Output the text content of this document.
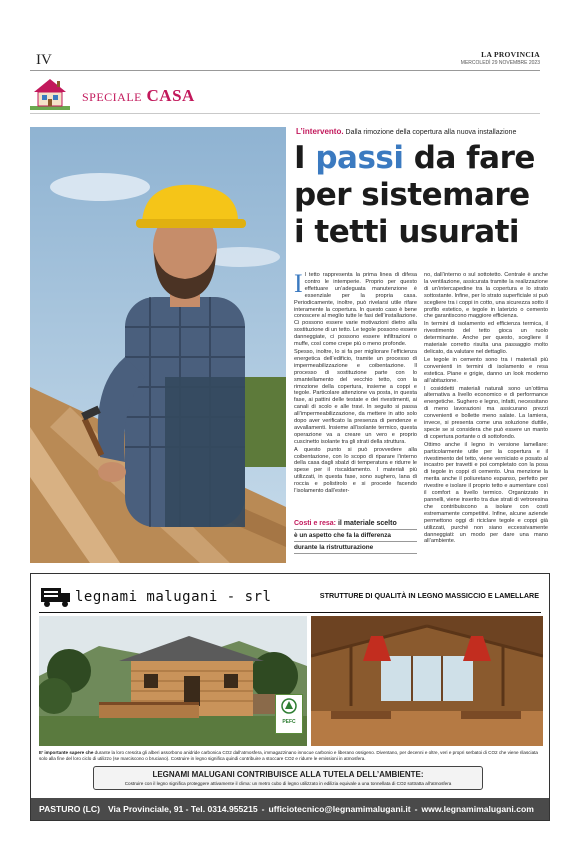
IV	LA PROVINCIA
MERCOLEDÌ 29 NOVEMBRE 2023
SPECIALE CASA
L’intervento. Dalla rimozione della copertura alla nuova installazione
I passi da fare per sistemare i tetti usurati

Il tetto rappresenta la prima linea di difesa contro le intemperie. Proprio per questo effettuare un’adeguata manutenzione è essenziale per la propria casa. Periodicamente, inoltre, può rivelarsi utile rifare interamente la copertura. In questo caso è bene conoscere al meglio tutte le fasi dell’installazione. Ci possono essere varie motivazioni dietro alla sostituzione di un tetto. Le tegole possono essere danneggiate, ci possono essere infiltrazioni o muffe, così come crepe più o meno profonde.

Spesso, inoltre, lo si fa per migliorare l’efficienza energetica dell’edificio, tramite un processo di impermeabilizzazione e coibentazione. Il processo di sostituzione parte con lo smantellamento del vecchio tetto, con la rimozione della copertura, insieme a coppi e tegole. Particolare attenzione va posta, in questa fase, ai pattini delle testate e dei rivestimenti, ai canali di scolo e alle travi. In seguito si passa all’impermeabilizzazione, da mettere in atto solo dopo aver verificato la presenza di pendenze e avvallamenti. Insieme all’isolante termico, questa operazione va a creare un vero e proprio cuscinetto isolante tra gli strati della struttura.

A questo punto si può provvedere alla coibentazione, con lo scopo di riparare l’interno della casa dagli sbalzi di temperatura e ridurre le spese per il riscaldamento. I materiali più utilizzati, in questa fase, sono sughero, lana di roccia e polistirolo e si procede facendo l’isolamento dall’ester-

Costi e resa: il materiale scelto
è un aspetto che fa la differenza
durante la ristrutturazione

no, dall’interno o sul sottotetto. Centrale è anche la ventilazione, assicurata tramite la realizzazione di un’intercapedine tra la copertura e lo strato sottostante. Infine, per lo strato superficiale si può scegliere tra i coppi in cotto, una sicurezza sotto il profilo estetico, e tegole in laterizio o cemento che garantiscono maggiore efficienza.

In termini di isolamento ed efficienza termica, il rivestimento del tetto gioca un ruolo determinante. Anche per questo, scegliere il materiale corretto risulta una passaggio molto delicato, da valutare nel dettaglio.

Le tegole in cemento sono tra i materiali più convenienti in termini di isolamento e resa estetica. Piane e grigie, danno un look moderno all’abitazione.

I cosiddetti materiali naturali sono un’ottima alternativa a livello economico e di performance energetiche. Sughero e legno, infatti, necessitano di meno lavorazioni ma assicurano prezzi convenienti e bollette meno salate. La lamiera, invece, si presenta come una soluzione duttile, specie se si considera che può essere un manto di copertura portante o di sottofondo.

Ottimo anche il legno in versione lamellare: particolarmente utile per la copertura e il rivestimento del tetto, viene verniciato e posato al incastro per travetti e poi completato con la posa di tegole in coppi di cemento. Una menzione la merita anche il poliuretano espanso, perfetto per rivestire e isolare il proprio tetto e aumentare così il comfort a livello termico. Organizzato in pannelli, viene inserito tra due strati di vetroresina che contribuiscono a isolare con costi estremamente competitivi. Infine, alcune aziende permettono oggi di riciclare tegole e coppi già utilizzati, purché non siano eccessivamente danneggiati: un modo per dare una mano all’ambiente.

legnami malugani - srl	STRUTTURE DI QUALITÀ IN LEGNO MASSICCIO E LAMELLARE
PEFC
E’ importante sapere che durante la loro crescita gli alberi assorbono anidride carbonica CO2 dall’atmosfera, immagazzinano innocue carbonio e liberano ossigeno. Diventano, per decenni e oltre, veri e propri serbatoi di CO2 che viene rilasciata solo alla fine del loro ciclo di utilizzo (se marciscono o bruciano). Costruire in legno significa quindi contribuire a stoccare CO2 e ridurre le emissioni in atmosfera.
LEGNAMI MALUGANI CONTRIBUISCE ALLA TUTELA DELL’AMBIENTE:
Costruire con il legno significa proteggere attivamente il clima: un metro cubo di legno utilizzato in edilizia equivale a una tonnellata di CO2 sottratta all’atmosfera
PASTURO (LC) Via Provinciale, 91 - Tel. 0314.955215 - ufficiotecnico@legnamimalugani.it - www.legnamimalugani.com
